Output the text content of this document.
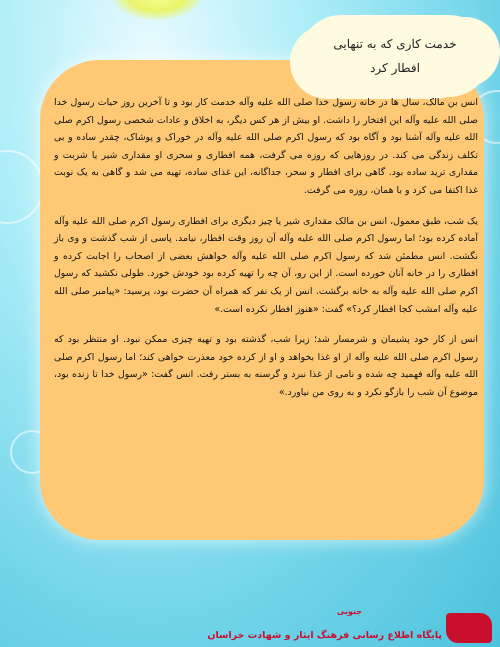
خدمت کاری که به تنهایی
افطار کرد

انس بن مالک، سال ها در خانه رسول خدا صلی الله علیه وآله خدمت کار بود و تا آخرین روز حیات رسول خدا صلی الله علیه وآله این افتخار را داشت. او بیش از هر کس دیگر، به اخلاق و عادات شخصی رسول اکرم صلی الله علیه وآله آشنا بود و آگاه بود که رسول اکرم صلی الله علیه وآله در خوراک و پوشاک، چقدر ساده و بی تکلف زندگی می کند. در روزهایی که روزه می گرفت، همه افطاری و سحری او مقداری شیر یا شربت و مقداری ترید ساده بود. گاهی برای افطار و سحر، جداگانه، این غذای ساده، تهیه می شد و گاهی به یک نوبت غذا اکتفا می کرد و با همان، روزه می گرفت.

یک شب، طبق معمول، انس بن مالک مقداری شیر یا چیز دیگری برای افطاری رسول اکرم صلی الله علیه وآله آماده کرده بود؛ اما رسول اکرم صلی الله علیه وآله آن روز وقت افطار، نیامد. پاسی از شب گذشت و وی باز نگشت. انس مطمئن شد که رسول اکرم صلی الله علیه وآله خواهش بعضی از اصحاب را اجابت کرده و افطاری را در خانه آنان خورده است. از این رو، آن چه را تهیه کرده بود خودش خورد. طولی نکشید که رسول اکرم صلی الله علیه وآله به خانه برگشت. انس از یک نفر که همراه آن حضرت بود، پرسید: «پیامبر صلی الله علیه وآله امشب کجا افطار کرد؟» گفت: «هنوز افطار نکرده است.»

انس از کار خود پشیمان و شرمسار شد؛ زیرا شب، گذشته بود و تهیه چیزی ممکن نبود. او منتظر بود که رسول اکرم صلی الله علیه وآله از او غذا بخواهد و او از کرده خود معذرت خواهی کند؛ اما رسول اکرم صلی الله علیه وآله فهمید چه شده و نامی از غذا نبرد و گرسنه به بستر رفت. انس گفت: «رسول خدا تا زنده بود، موضوع آن شب را بازگو نکرد و به روی من نیاورد.»

جنوبی
پایگاه اطلاع رسانی فرهنگ ایثار و شهادت خراسان
